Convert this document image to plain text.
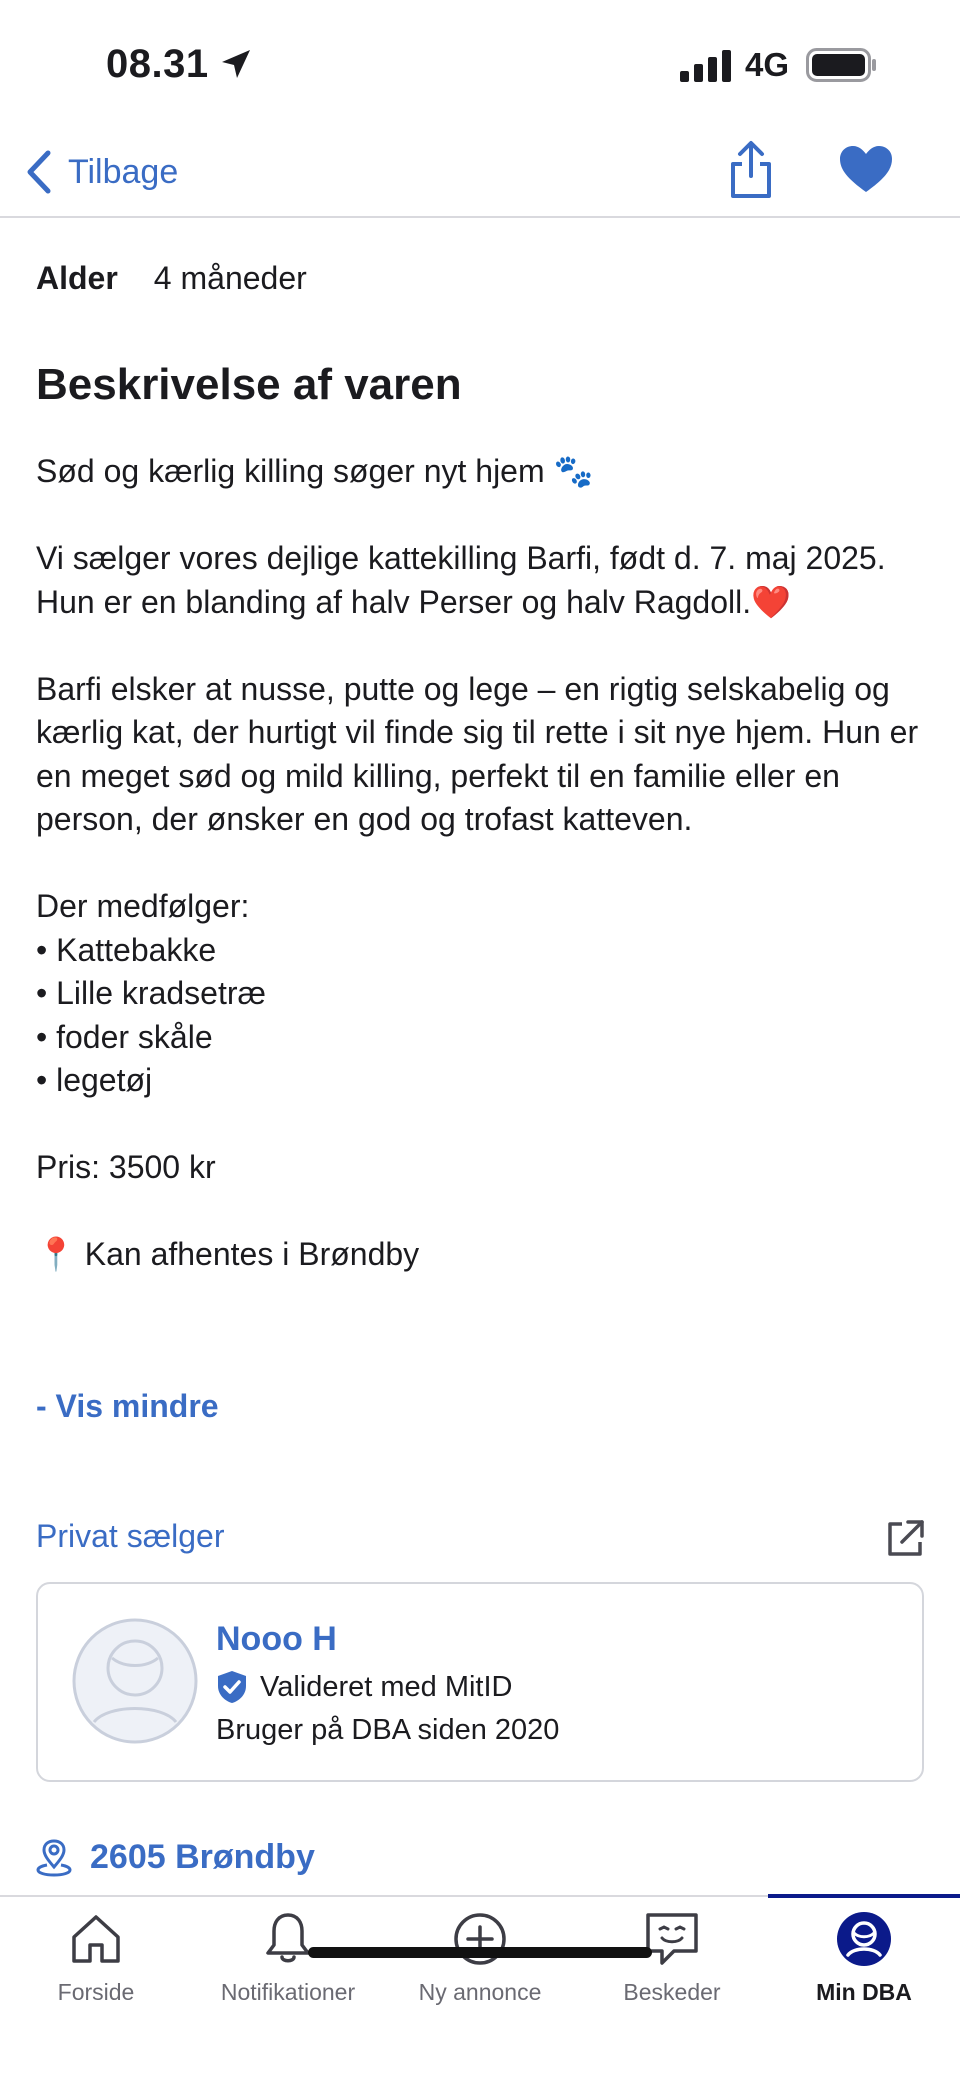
08.31	4G
Tilbage
Alder 4 måneder
Beskrivelse af varen
Sød og kærlig killing søger nyt hjem 🐾

Vi sælger vores dejlige kattekilling Barfi, født d. 7. maj 2025.
Hun er en blanding af halv Perser og halv Ragdoll.❤️

Barfi elsker at nusse, putte og lege – en rigtig selskabelig og kærlig kat, der hurtigt vil finde sig til rette i sit nye hjem. Hun er en meget sød og mild killing, perfekt til en familie eller en person, der ønsker en god og trofast katteven.

Der medfølger:
• Kattebakke
• Lille kradsetræ
• foder skåle
• legetøj

Pris: 3500 kr

📍 Kan afhentes i Brøndby
- Vis mindre
Privat sælger
Nooo H
Valideret med MitID
Bruger på DBA siden 2020
2605 Brøndby
Forside	Notifikationer	Ny annonce	Beskeder	Min DBA
